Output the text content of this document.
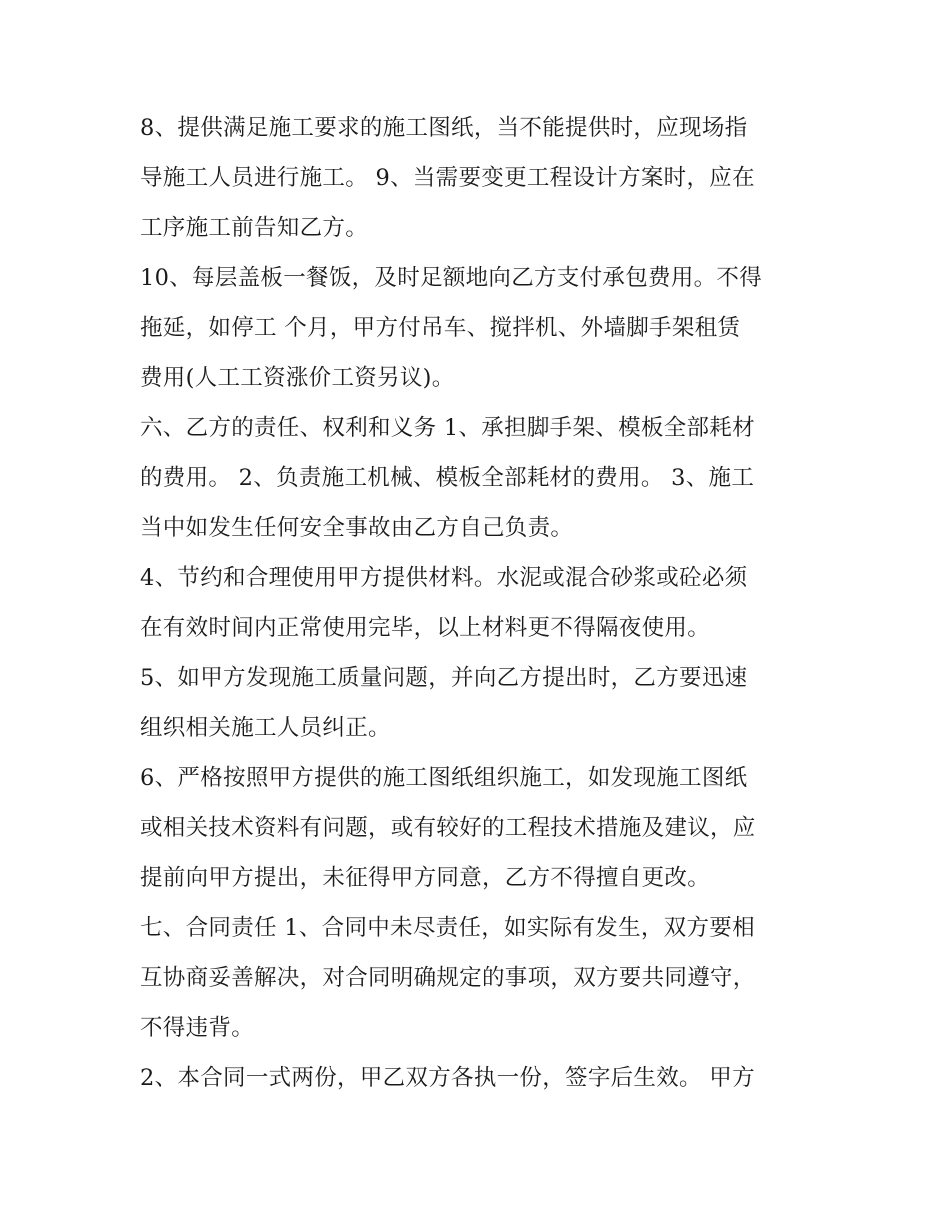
8、提供满足施工要求的施工图纸，当不能提供时，应现场指
导施工人员进行施工。 9、当需要变更工程设计方案时，应在
工序施工前告知乙方。
10、每层盖板一餐饭，及时足额地向乙方支付承包费用。不得
拖延，如停工 个月，甲方付吊车、搅拌机、外墙脚手架租赁
费用(人工工资涨价工资另议)。
六、乙方的责任、权利和义务 1、承担脚手架、模板全部耗材
的费用。 2、负责施工机械、模板全部耗材的费用。 3、施工
当中如发生任何安全事故由乙方自己负责。
4、节约和合理使用甲方提供材料。水泥或混合砂浆或砼必须
在有效时间内正常使用完毕，以上材料更不得隔夜使用。
5、如甲方发现施工质量问题，并向乙方提出时，乙方要迅速
组织相关施工人员纠正。
6、严格按照甲方提供的施工图纸组织施工，如发现施工图纸
或相关技术资料有问题，或有较好的工程技术措施及建议，应
提前向甲方提出，未征得甲方同意，乙方不得擅自更改。
七、合同责任 1、合同中未尽责任，如实际有发生，双方要相
互协商妥善解决，对合同明确规定的事项，双方要共同遵守，
不得违背。
2、本合同一式两份，甲乙双方各执一份，签字后生效。 甲方
